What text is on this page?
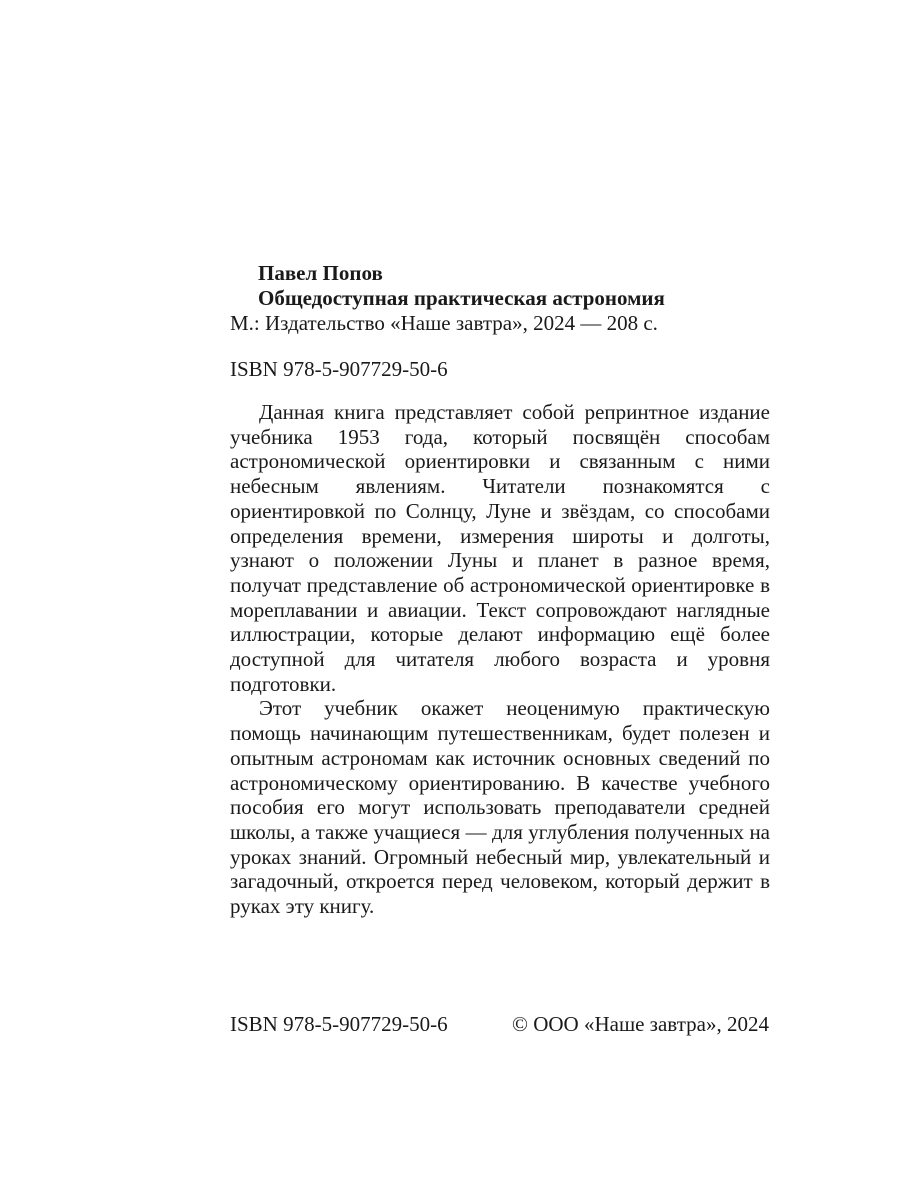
Павел Попов
Общедоступная практическая астрономия
М.: Издательство «Наше завтра», 2024 — 208 с.
ISBN 978-5-907729-50-6

Данная книга представляет собой репринтное издание учебника 1953 года, который посвящён способам астрономической ориентировки и связанным с ними небесным явлениям. Читатели познакомятся с ориентировкой по Солнцу, Луне и звёздам, со способами определения времени, измерения широты и долготы, узнают о положении Луны и планет в разное время, получат представление об астрономической ориентировке в мореплавании и авиации. Текст сопровождают наглядные иллюстрации, которые делают информацию ещё более доступной для читателя любого возраста и уровня подготовки.

Этот учебник окажет неоценимую практическую помощь начинающим путешественникам, будет полезен и опытным астрономам как источник основных сведений по астрономическому ориентированию. В качестве учебного пособия его могут использовать преподаватели средней школы, а также учащиеся — для углубления полученных на уроках знаний. Огромный небесный мир, увлекательный и загадочный, откроется перед человеком, который держит в руках эту книгу.

ISBN 978-5-907729-50-6	© ООО «Наше завтра», 2024
